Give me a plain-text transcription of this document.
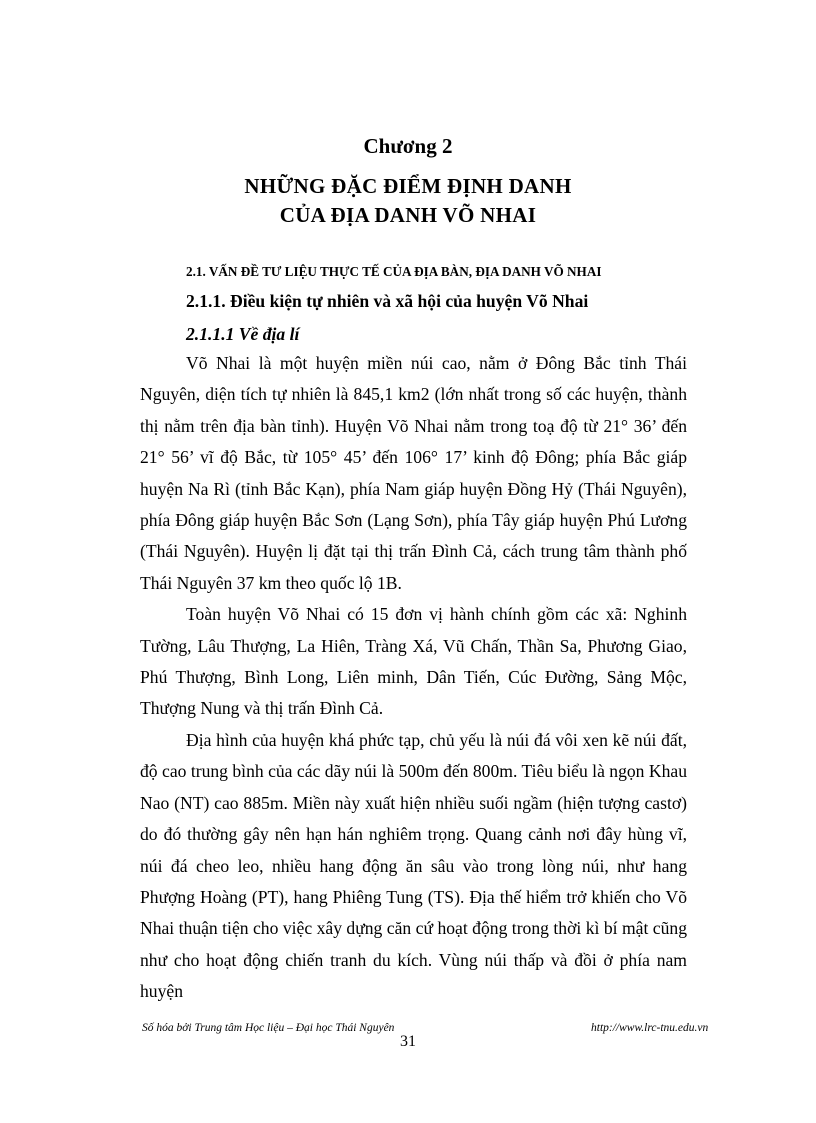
Chương 2
NHỮNG ĐẶC ĐIỂM ĐỊNH DANH
CỦA ĐỊA DANH VÕ NHAI
2.1. VẤN ĐỀ TƯ LIỆU THỰC TẾ CỦA ĐỊA BÀN, ĐỊA DANH VÕ NHAI
2.1.1. Điều kiện tự nhiên và xã hội của huyện Võ Nhai
2.1.1.1 Về địa lí

Võ Nhai là một huyện miền núi cao, nằm ở Đông Bắc tỉnh Thái Nguyên, diện tích tự nhiên là 845,1 km2 (lớn nhất trong số các huyện, thành thị nằm trên địa bàn tỉnh). Huyện Võ Nhai nằm trong toạ độ từ 21° 36’ đến 21° 56’ vĩ độ Bắc, từ 105° 45’ đến 106° 17’ kinh độ Đông; phía Bắc giáp huyện Na Rì (tỉnh Bắc Kạn), phía Nam giáp huyện Đồng Hỷ (Thái Nguyên), phía Đông giáp huyện Bắc Sơn (Lạng Sơn), phía Tây giáp huyện Phú Lương (Thái Nguyên). Huyện lị đặt tại thị trấn Đình Cả, cách trung tâm thành phố Thái Nguyên 37 km theo quốc lộ 1B.

Toàn huyện Võ Nhai có 15 đơn vị hành chính gồm các xã: Nghinh Tường, Lâu Thượng, La Hiên, Tràng Xá, Vũ Chấn, Thần Sa, Phương Giao, Phú Thượng, Bình Long, Liên minh, Dân Tiến, Cúc Đường, Sảng Mộc, Thượng Nung và thị trấn Đình Cả.

Địa hình của huyện khá phức tạp, chủ yếu là núi đá vôi xen kẽ núi đất, độ cao trung bình của các dãy núi là 500m đến 800m. Tiêu biểu là ngọn Khau Nao (NT) cao 885m. Miền này xuất hiện nhiều suối ngầm (hiện tượng castơ) do đó thường gây nên hạn hán nghiêm trọng. Quang cảnh nơi đây hùng vĩ, núi đá cheo leo, nhiều hang động ăn sâu vào trong lòng núi, như hang Phượng Hoàng (PT), hang Phiêng Tung (TS). Địa thế hiểm trở khiến cho Võ Nhai thuận tiện cho việc xây dựng căn cứ hoạt động trong thời kì bí mật cũng như cho hoạt động chiến tranh du kích. Vùng núi thấp và đồi ở phía nam huyện

Số hóa bởi Trung tâm Học liệu – Đại học Thái Nguyên	http://www.lrc-tnu.edu.vn
31
